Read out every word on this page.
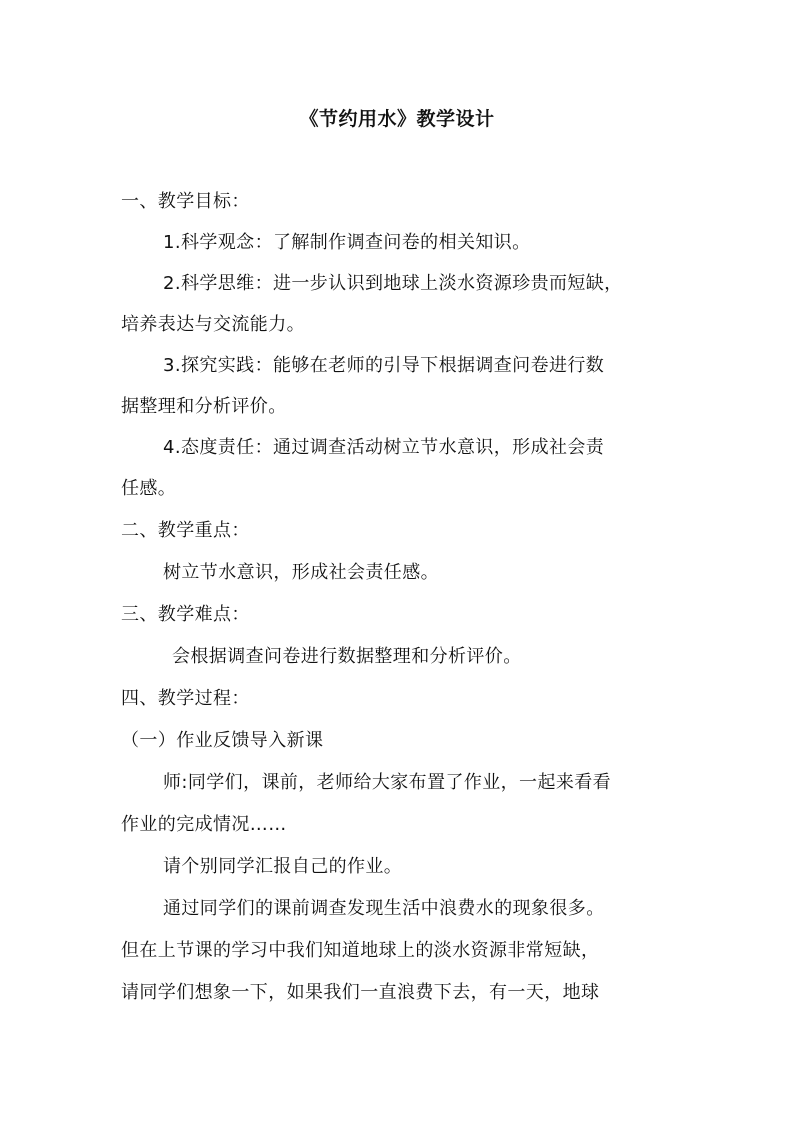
《节约用水》教学设计
一、教学目标：
1.科学观念：了解制作调查问卷的相关知识。
2.科学思维：进一步认识到地球上淡水资源珍贵而短缺，
培养表达与交流能力。
3.探究实践：能够在老师的引导下根据调查问卷进行数
据整理和分析评价。
4.态度责任：通过调查活动树立节水意识，形成社会责
任感。
二、教学重点：
树立节水意识，形成社会责任感。
三、教学难点：
会根据调查问卷进行数据整理和分析评价。
四、教学过程：
（一）作业反馈导入新课
师:同学们，课前，老师给大家布置了作业，一起来看看
作业的完成情况……
请个别同学汇报自己的作业。
通过同学们的课前调查发现生活中浪费水的现象很多。
但在上节课的学习中我们知道地球上的淡水资源非常短缺，
请同学们想象一下，如果我们一直浪费下去，有一天，地球
